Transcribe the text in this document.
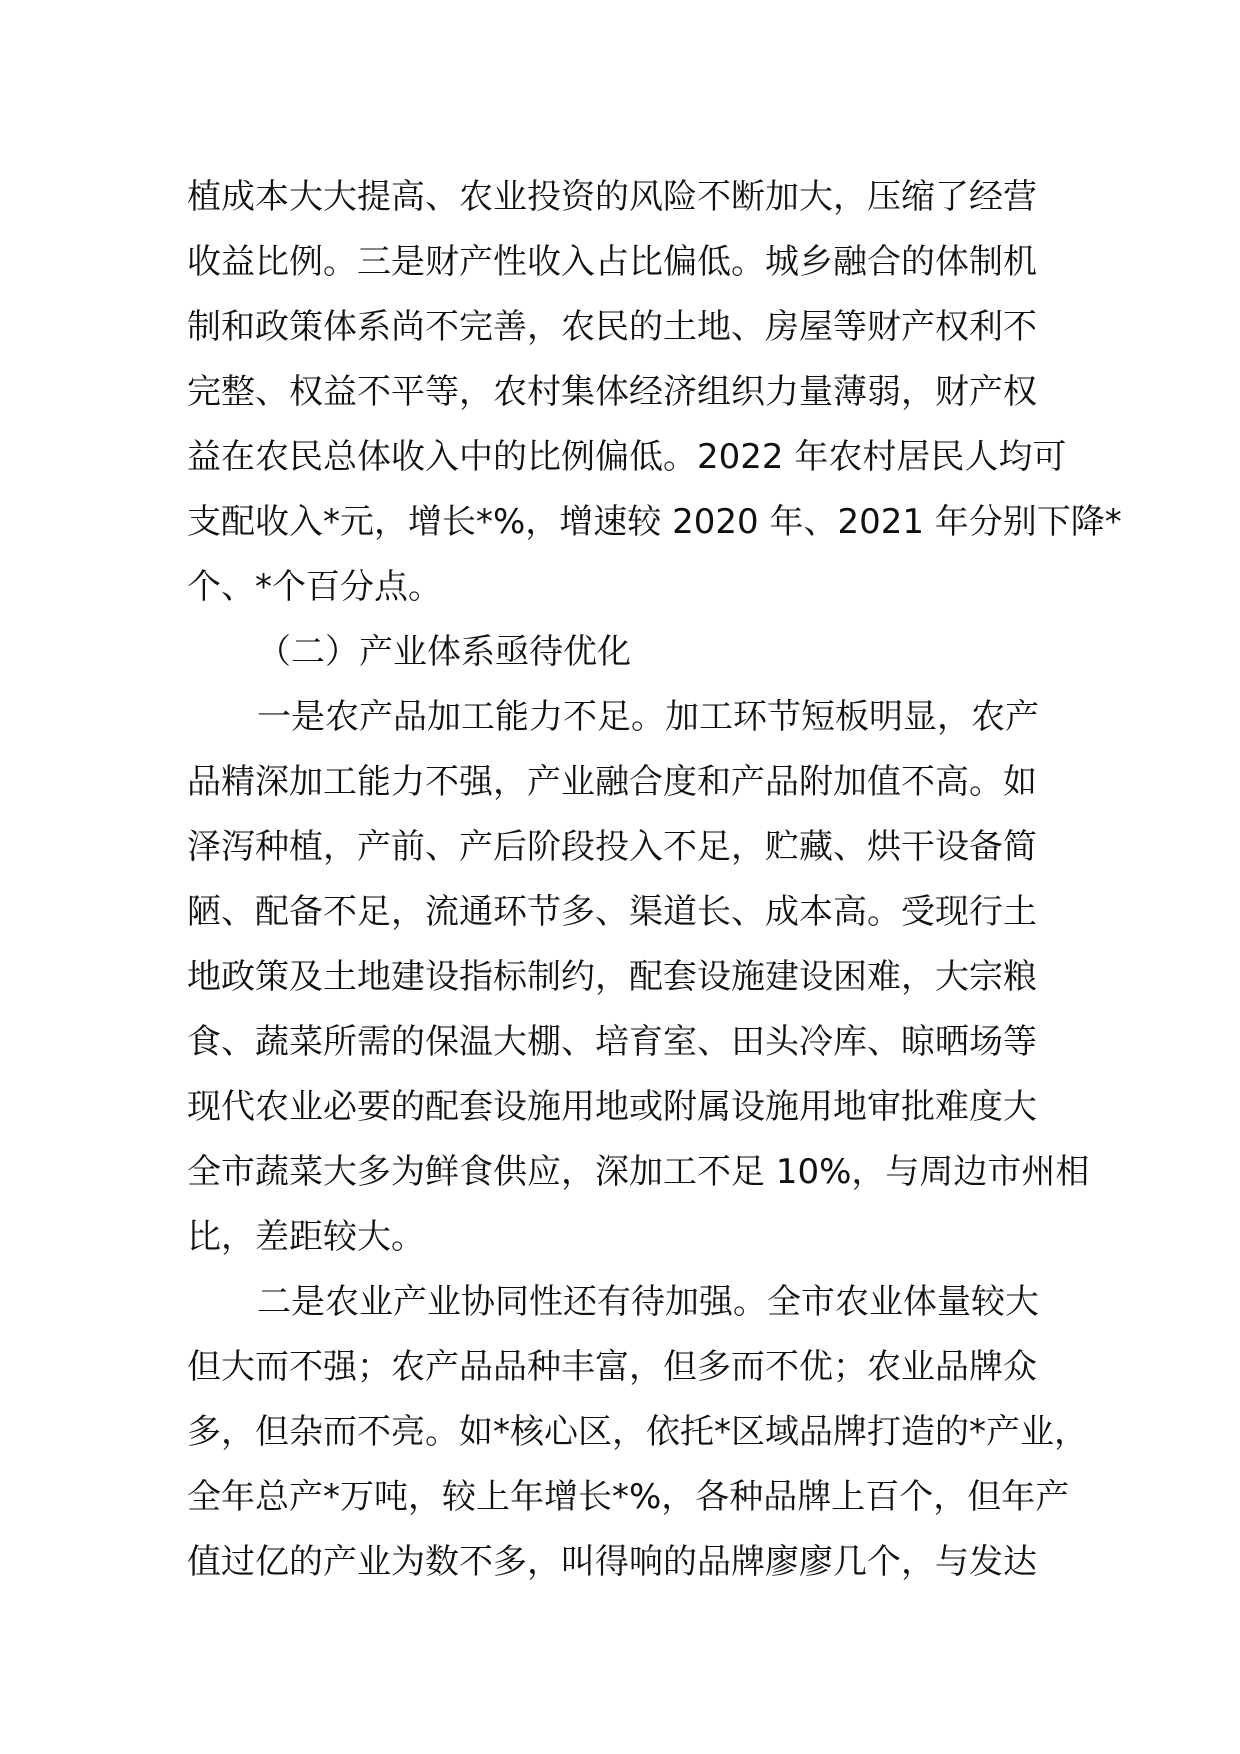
植成本大大提高、农业投资的风险不断加大，压缩了经营
收益比例。三是财产性收入占比偏低。城乡融合的体制机
制和政策体系尚不完善，农民的土地、房屋等财产权利不
完整、权益不平等，农村集体经济组织力量薄弱，财产权
益在农民总体收入中的比例偏低。2022 年农村居民人均可
支配收入*元，增长*%，增速较 2020 年、2021 年分别下降*
个、*个百分点。
（二）产业体系亟待优化
一是农产品加工能力不足。加工环节短板明显，农产
品精深加工能力不强，产业融合度和产品附加值不高。如
泽泻种植，产前、产后阶段投入不足，贮藏、烘干设备简
陋、配备不足，流通环节多、渠道长、成本高。受现行土
地政策及土地建设指标制约，配套设施建设困难，大宗粮
食、蔬菜所需的保温大棚、培育室、田头冷库、晾晒场等
现代农业必要的配套设施用地或附属设施用地审批难度大
全市蔬菜大多为鲜食供应，深加工不足 10%，与周边市州相
比，差距较大。
二是农业产业协同性还有待加强。全市农业体量较大
但大而不强；农产品品种丰富，但多而不优；农业品牌众
多，但杂而不亮。如*核心区，依托*区域品牌打造的*产业，
全年总产*万吨，较上年增长*%，各种品牌上百个，但年产
值过亿的产业为数不多，叫得响的品牌廖廖几个，与发达
